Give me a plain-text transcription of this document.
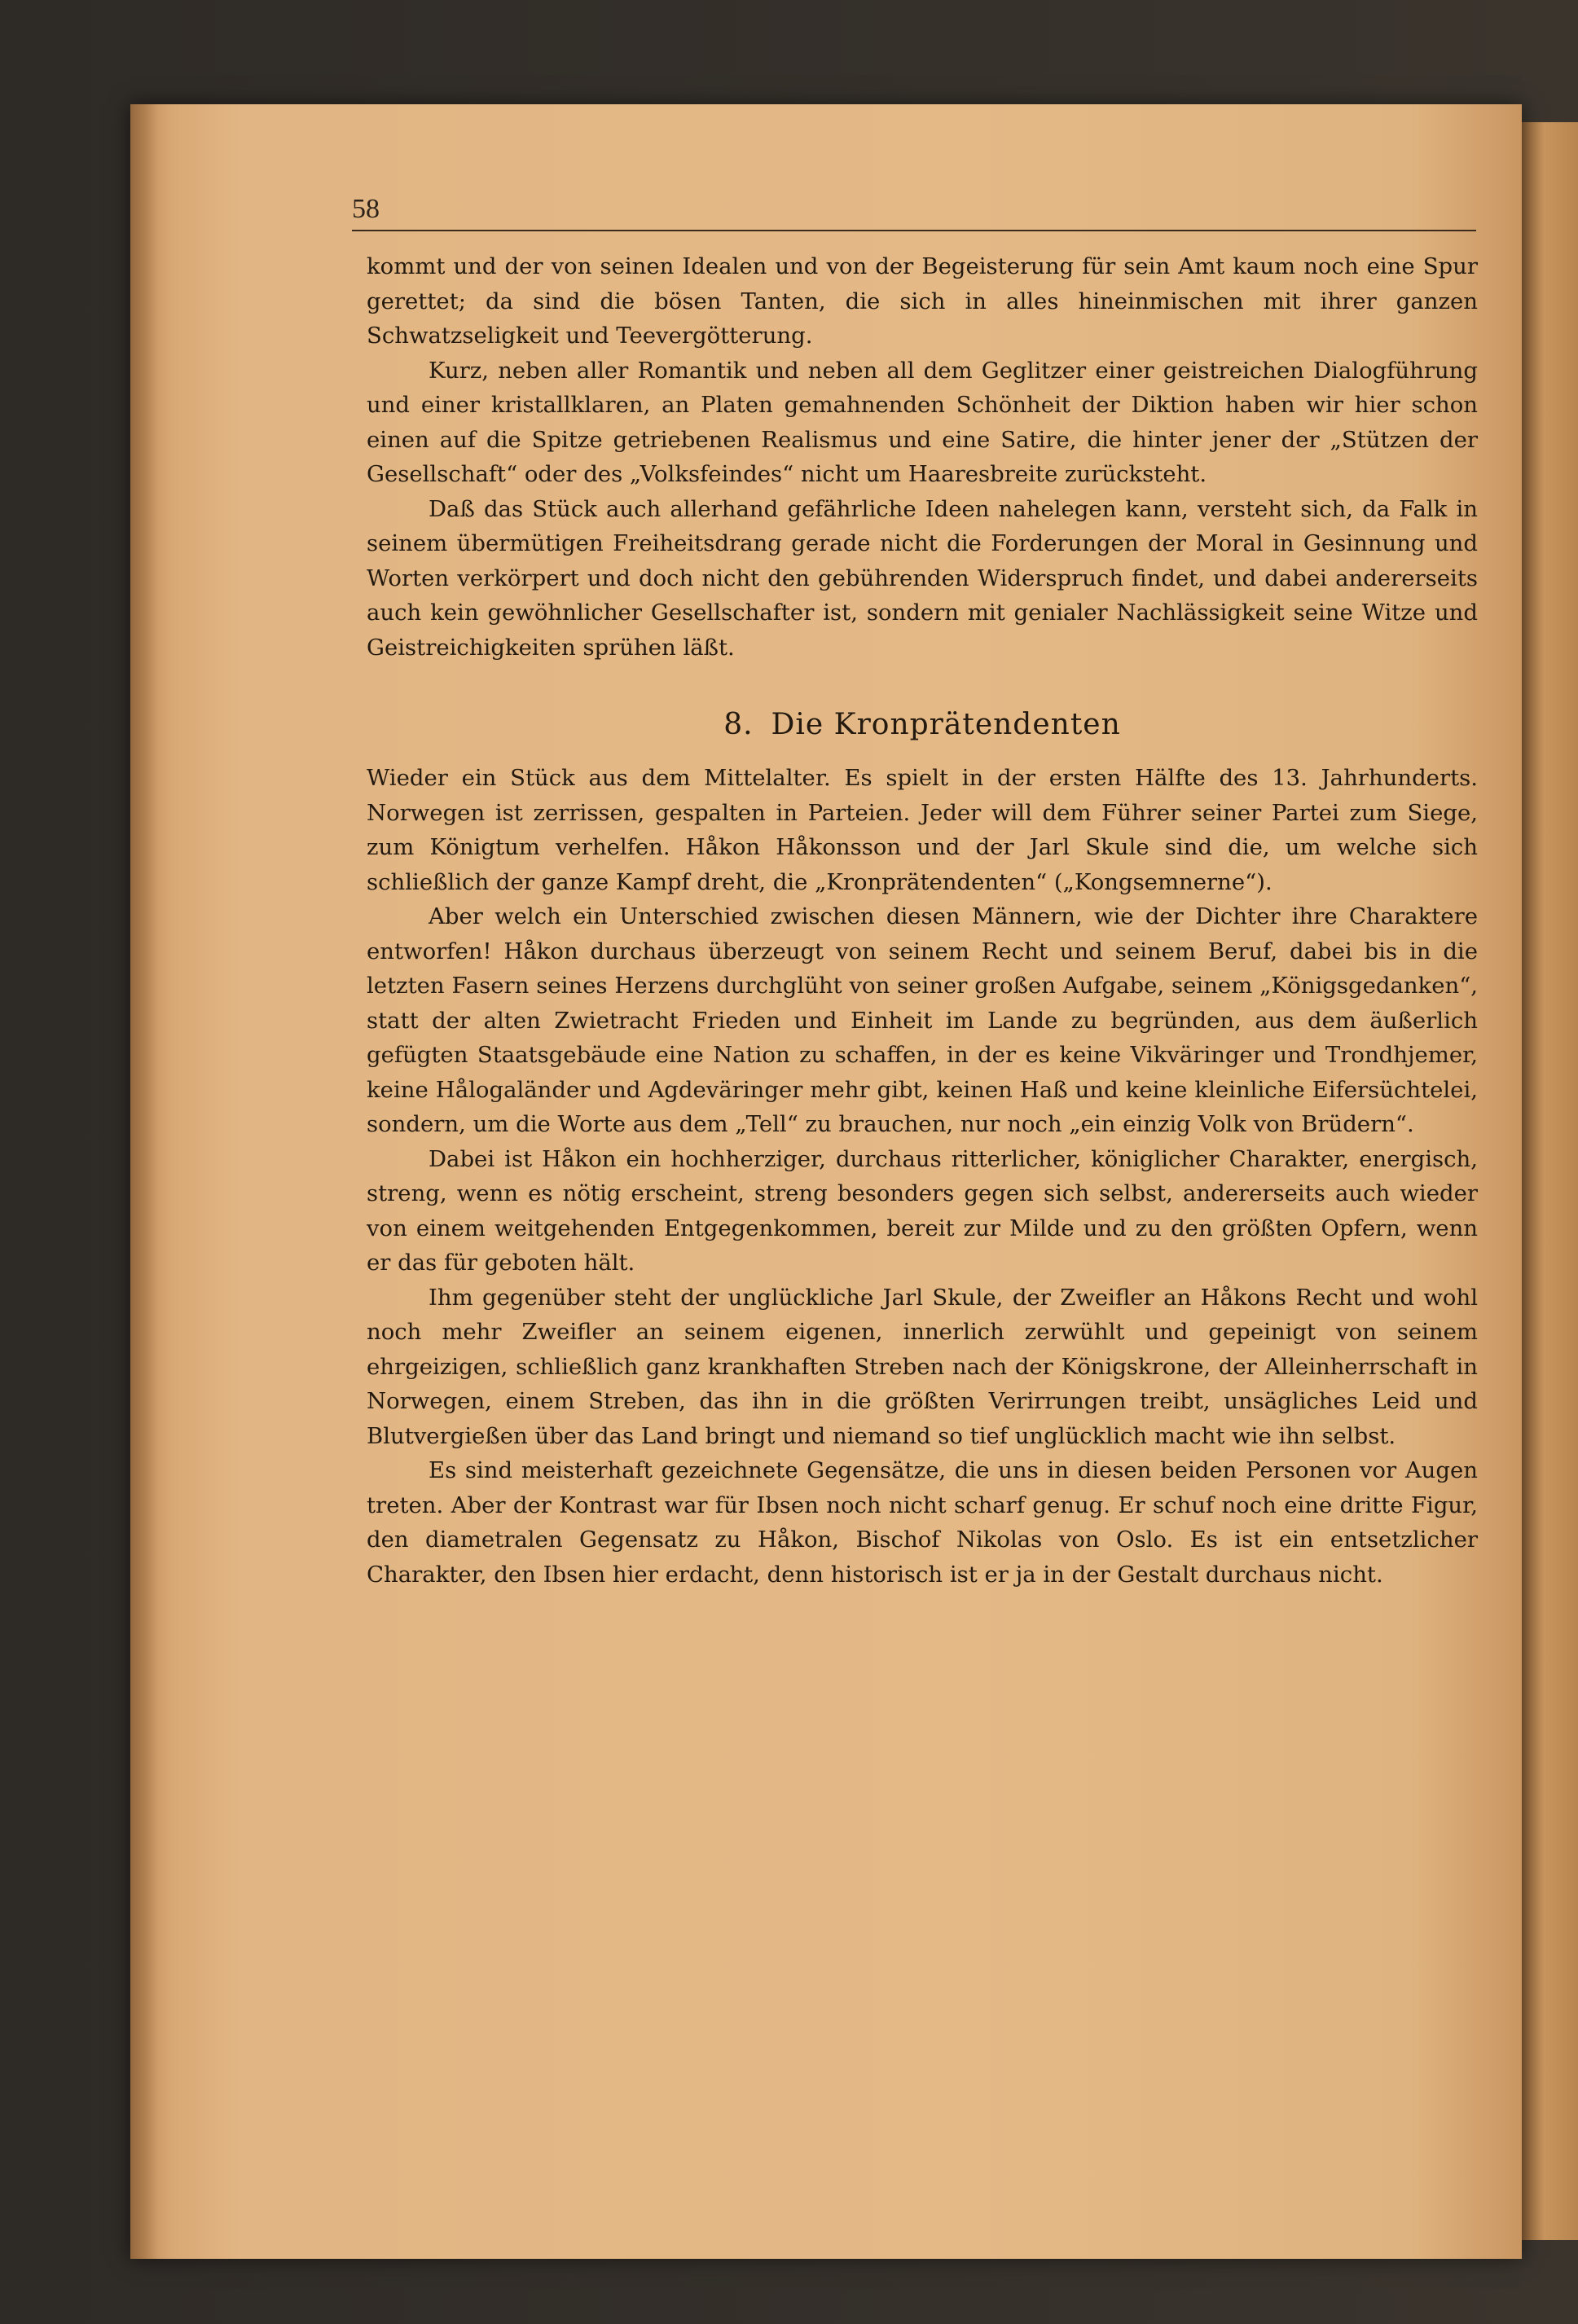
58

kommt und der von seinen Idealen und von der Begeisterung für sein Amt kaum noch eine Spur gerettet; da sind die bösen Tanten, die sich in alles hineinmischen mit ihrer ganzen Schwatzseligkeit und Teevergötterung.

Kurz, neben aller Romantik und neben all dem Geglitzer einer geistreichen Dialogführung und einer kristallklaren, an Platen gemahnenden Schönheit der Diktion haben wir hier schon einen auf die Spitze getriebenen Realismus und eine Satire, die hinter jener der „Stützen der Gesellschaft“ oder des „Volksfeindes“ nicht um Haaresbreite zurücksteht.

Daß das Stück auch allerhand gefährliche Ideen nahelegen kann, versteht sich, da Falk in seinem übermütigen Freiheitsdrang gerade nicht die Forderungen der Moral in Gesinnung und Worten verkörpert und doch nicht den gebührenden Widerspruch findet, und dabei andererseits auch kein gewöhnlicher Gesellschafter ist, sondern mit genialer Nachlässigkeit seine Witze und Geistreichigkeiten sprühen läßt.

8. Die Kronprätendenten

Wieder ein Stück aus dem Mittelalter. Es spielt in der ersten Hälfte des 13. Jahrhunderts. Norwegen ist zerrissen, gespalten in Parteien. Jeder will dem Führer seiner Partei zum Siege, zum Königtum verhelfen. Håkon Håkonsson und der Jarl Skule sind die, um welche sich schließlich der ganze Kampf dreht, die „Kronprätendenten“ („Kongsemnerne“).

Aber welch ein Unterschied zwischen diesen Männern, wie der Dichter ihre Charaktere entworfen! Håkon durchaus überzeugt von seinem Recht und seinem Beruf, dabei bis in die letzten Fasern seines Herzens durchglüht von seiner großen Aufgabe, seinem „Königsgedanken“, statt der alten Zwietracht Frieden und Einheit im Lande zu begründen, aus dem äußerlich gefügten Staatsgebäude eine Nation zu schaffen, in der es keine Vikväringer und Trondhjemer, keine Hålogaländer und Agdeväringer mehr gibt, keinen Haß und keine kleinliche Eifersüchtelei, sondern, um die Worte aus dem „Tell“ zu brauchen, nur noch „ein einzig Volk von Brüdern“.

Dabei ist Håkon ein hochherziger, durchaus ritterlicher, königlicher Charakter, energisch, streng, wenn es nötig erscheint, streng besonders gegen sich selbst, andererseits auch wieder von einem weitgehenden Entgegenkommen, bereit zur Milde und zu den größten Opfern, wenn er das für geboten hält.

Ihm gegenüber steht der unglückliche Jarl Skule, der Zweifler an Håkons Recht und wohl noch mehr Zweifler an seinem eigenen, innerlich zerwühlt und gepeinigt von seinem ehrgeizigen, schließlich ganz krankhaften Streben nach der Königskrone, der Alleinherrschaft in Norwegen, einem Streben, das ihn in die größten Verirrungen treibt, unsägliches Leid und Blutvergießen über das Land bringt und niemand so tief unglücklich macht wie ihn selbst.

Es sind meisterhaft gezeichnete Gegensätze, die uns in diesen beiden Personen vor Augen treten. Aber der Kontrast war für Ibsen noch nicht scharf genug. Er schuf noch eine dritte Figur, den diametralen Gegensatz zu Håkon, Bischof Nikolas von Oslo. Es ist ein entsetzlicher Charakter, den Ibsen hier erdacht, denn historisch ist er ja in der Gestalt durchaus nicht.
